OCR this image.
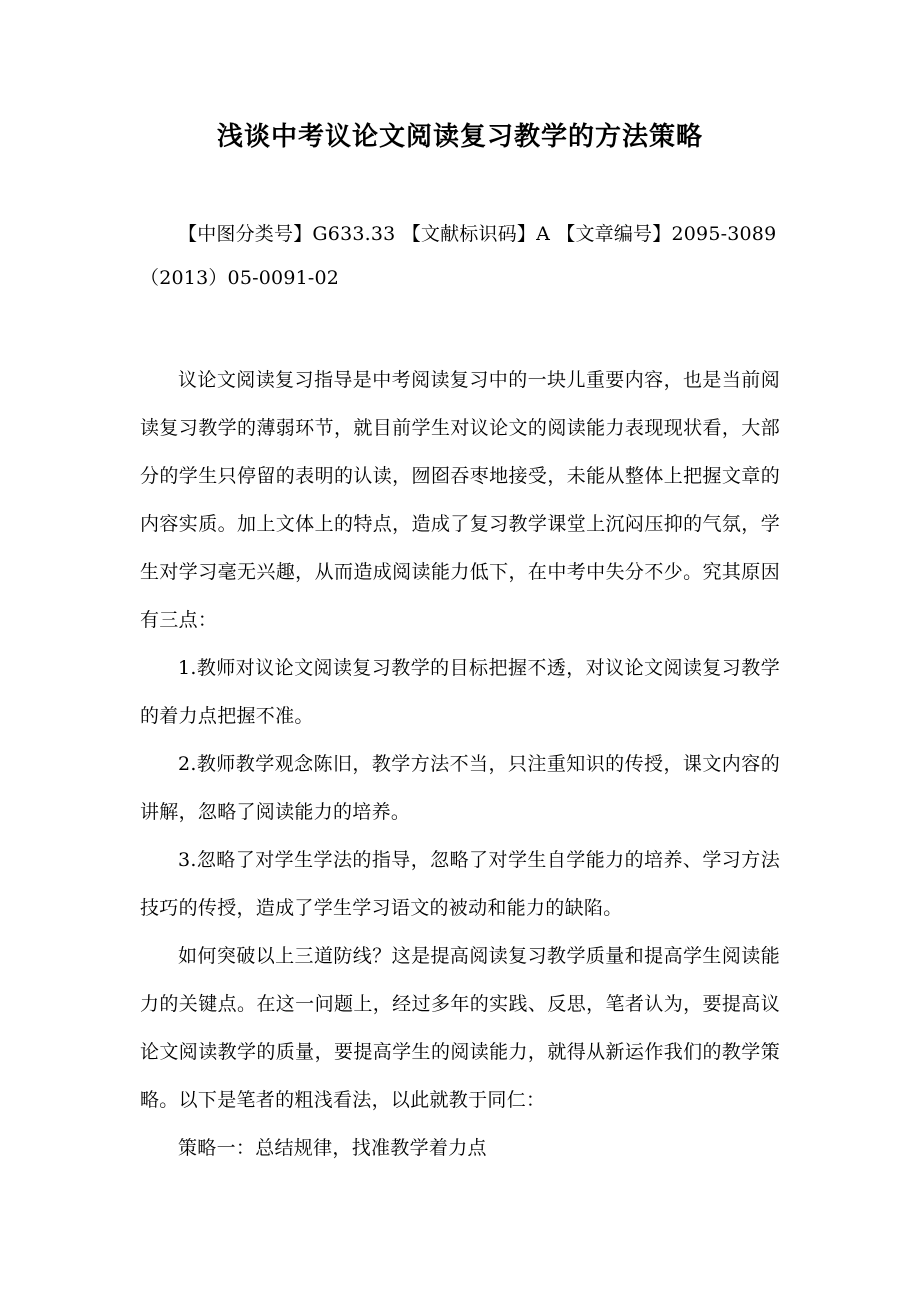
浅谈中考议论文阅读复习教学的方法策略
【中图分类号】G633.33 【文献标识码】A 【文章编号】2095-3089（2013）05-0091-02

议论文阅读复习指导是中考阅读复习中的一块儿重要内容，也是当前阅读复习教学的薄弱环节，就目前学生对议论文的阅读能力表现现状看，大部分的学生只停留的表明的认读，囫囵吞枣地接受，未能从整体上把握文章的内容实质。加上文体上的特点，造成了复习教学课堂上沉闷压抑的气氛，学生对学习毫无兴趣，从而造成阅读能力低下，在中考中失分不少。究其原因有三点：

1.教师对议论文阅读复习教学的目标把握不透，对议论文阅读复习教学的着力点把握不准。

2.教师教学观念陈旧，教学方法不当，只注重知识的传授，课文内容的讲解，忽略了阅读能力的培养。

3.忽略了对学生学法的指导，忽略了对学生自学能力的培养、学习方法技巧的传授，造成了学生学习语文的被动和能力的缺陷。

如何突破以上三道防线？这是提高阅读复习教学质量和提高学生阅读能力的关键点。在这一问题上，经过多年的实践、反思，笔者认为，要提高议论文阅读教学的质量，要提高学生的阅读能力，就得从新运作我们的教学策略。以下是笔者的粗浅看法，以此就教于同仁：

策略一：总结规律，找准教学着力点
